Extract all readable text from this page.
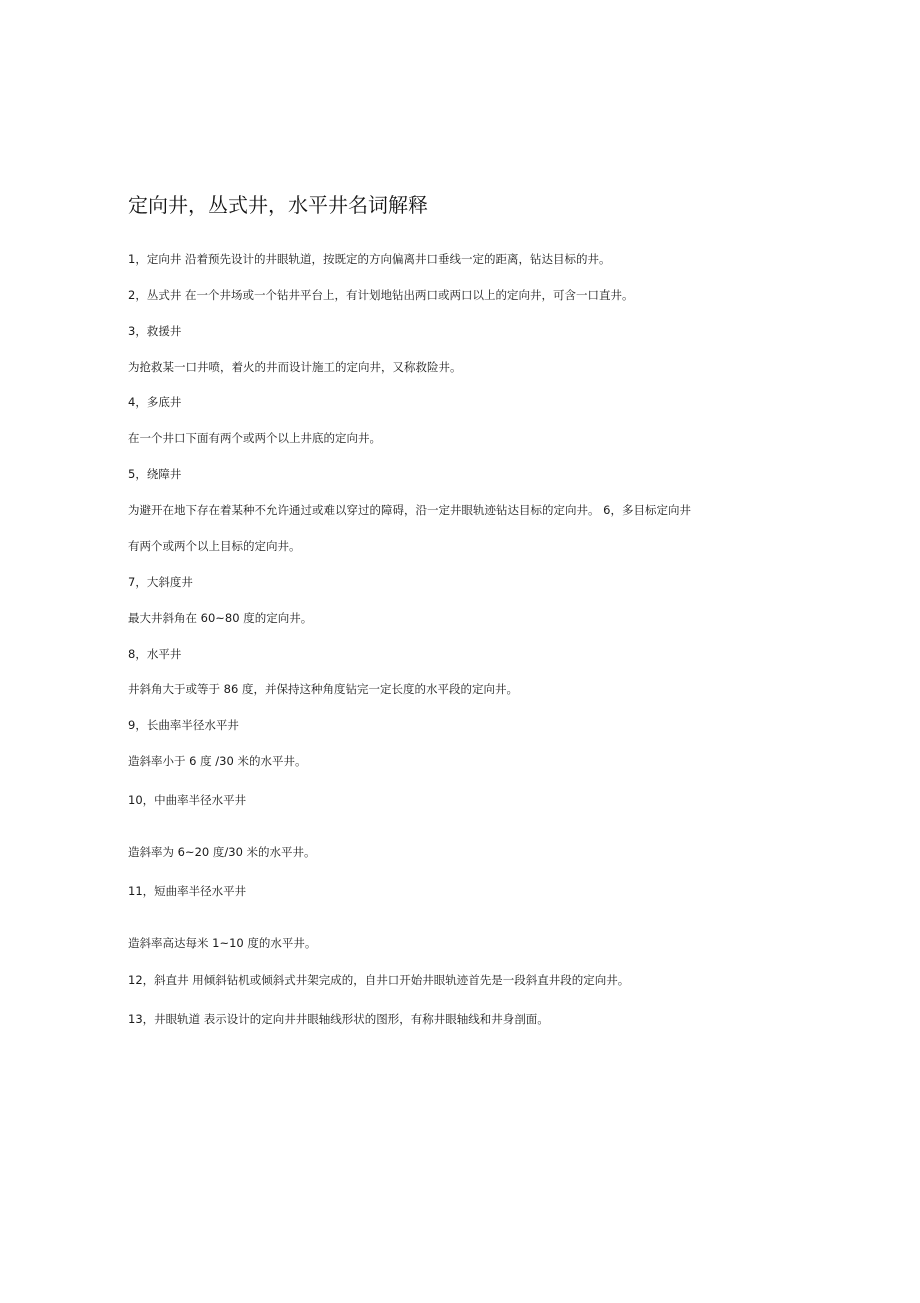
定向井，丛式井，水平井名词解释
1，定向井 沿着预先设计的井眼轨道，按既定的方向偏离井口垂线一定的距离，钻达目标的井。
2，丛式井 在一个井场或一个钻井平台上，有计划地钻出两口或两口以上的定向井，可含一口直井。
3，救援井
为抢救某一口井喷，着火的井而设计施工的定向井，又称救险井。
4，多底井
在一个井口下面有两个或两个以上井底的定向井。
5，绕障井
为避开在地下存在着某种不允许通过或难以穿过的障碍，沿一定井眼轨迹钻达目标的定向井。 6，多目标定向井
有两个或两个以上目标的定向井。
7，大斜度井
最大井斜角在 60~80 度的定向井。
8，水平井
井斜角大于或等于 86 度，并保持这种角度钻完一定长度的水平段的定向井。
9，长曲率半径水平井
造斜率小于 6 度 /30 米的水平井。
10，中曲率半径水平井
造斜率为 6~20 度/30 米的水平井。
11，短曲率半径水平井
造斜率高达每米 1~10 度的水平井。
12，斜直井 用倾斜钻机或倾斜式井架完成的，自井口开始井眼轨迹首先是一段斜直井段的定向井。
13，井眼轨道 表示设计的定向井井眼轴线形状的图形，有称井眼轴线和井身剖面。
